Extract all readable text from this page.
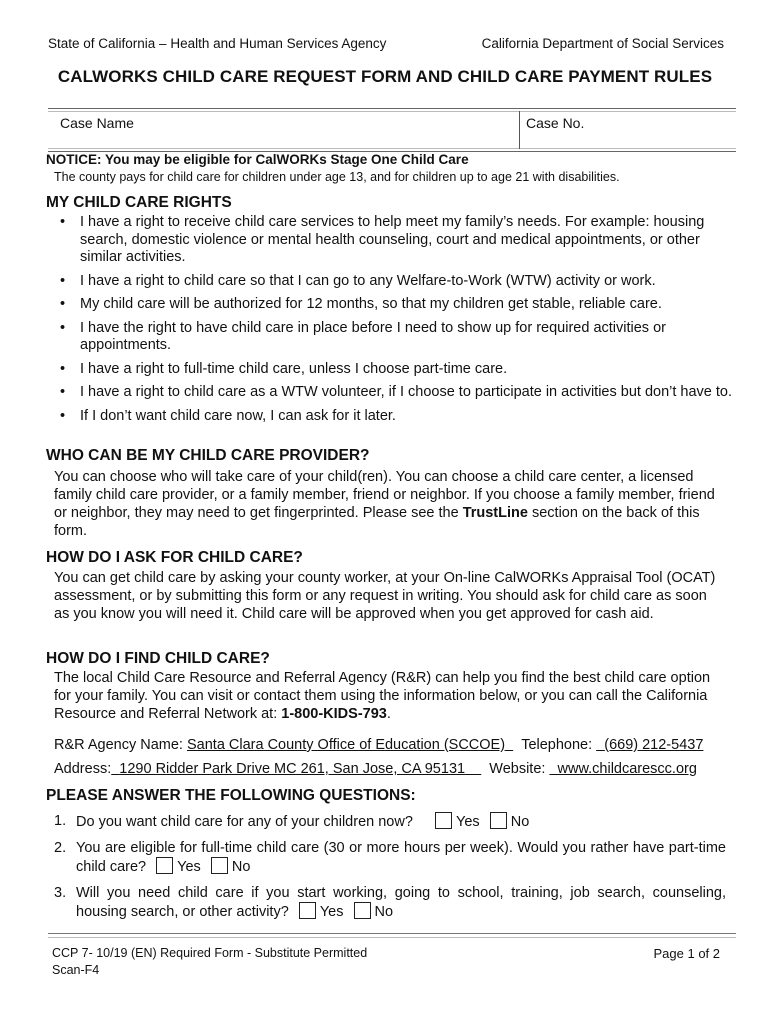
State of California – Health and Human Services Agency	California Department of Social Services
CALWORKS CHILD CARE REQUEST FORM AND CHILD CARE PAYMENT RULES
Case Name	Case No.
NOTICE: You may be eligible for CalWORKs Stage One Child Care
The county pays for child care for children under age 13, and for children up to age 21 with disabilities.
MY CHILD CARE RIGHTS
• I have a right to receive child care services to help meet my family’s needs. For example: housing search, domestic violence or mental health counseling, court and medical appointments, or other similar activities.
• I have a right to child care so that I can go to any Welfare-to-Work (WTW) activity or work.
• My child care will be authorized for 12 months, so that my children get stable, reliable care.
• I have the right to have child care in place before I need to show up for required activities or appointments.
• I have a right to full-time child care, unless I choose part-time care.
• I have a right to child care as a WTW volunteer, if I choose to participate in activities but don’t have to.
• If I don’t want child care now, I can ask for it later.
WHO CAN BE MY CHILD CARE PROVIDER?
You can choose who will take care of your child(ren). You can choose a child care center, a licensed family child care provider, or a family member, friend or neighbor. If you choose a family member, friend or neighbor, they may need to get fingerprinted. Please see the TrustLine section on the back of this form.
HOW DO I ASK FOR CHILD CARE?
You can get child care by asking your county worker, at your On-line CalWORKs Appraisal Tool (OCAT) assessment, or by submitting this form or any request in writing. You should ask for child care as soon as you know you will need it. Child care will be approved when you get approved for cash aid.
HOW DO I FIND CHILD CARE?
The local Child Care Resource and Referral Agency (R&R) can help you find the best child care option for your family. You can visit or contact them using the information below, or you can call the California Resource and Referral Network at: 1-800-KIDS-793.
R&R Agency Name: Santa Clara County Office of Education (SCCOE) Telephone: (669) 212-5437
Address: 1290 Ridder Park Drive MC 261, San Jose, CA 95131 Website: www.childcarescc.org
PLEASE ANSWER THE FOLLOWING QUESTIONS:
1. Do you want child care for any of your children now?	Yes No
2. You are eligible for full-time child care (30 or more hours per week). Would you rather have part-time child care? Yes No
3. Will you need child care if you start working, going to school, training, job search, counseling, housing search, or other activity? Yes No
CCP 7- 10/19 (EN) Required Form - Substitute Permitted
Scan-F4
Page 1 of 2
